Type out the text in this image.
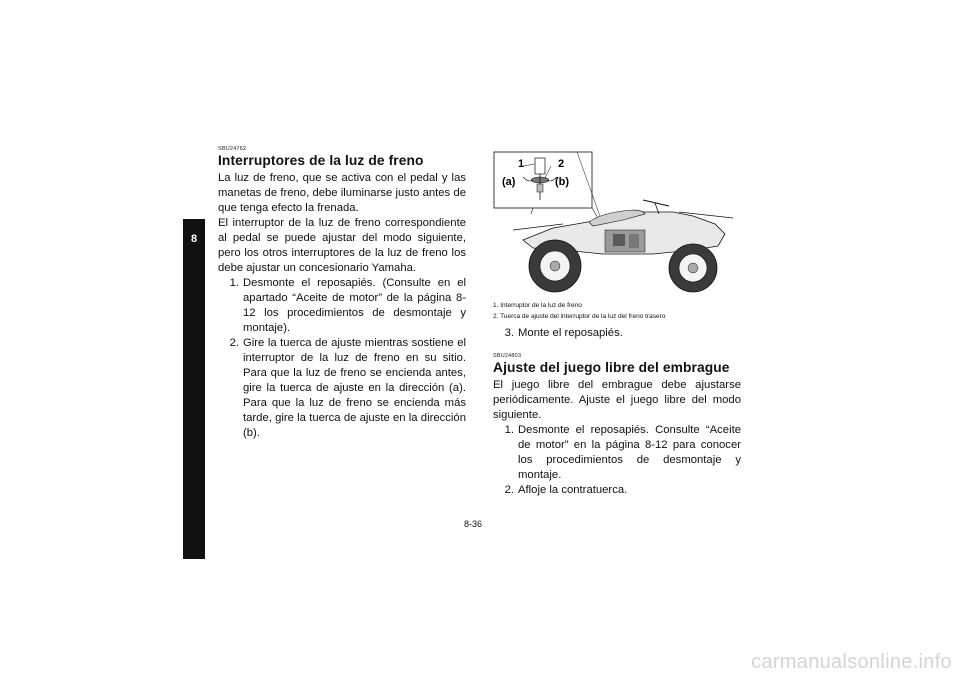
8
SBU24762
Interruptores de la luz de freno

La luz de freno, que se activa con el pedal y las manetas de freno, debe iluminarse justo antes de que tenga efecto la frenada.

El interruptor de la luz de freno correspondiente al pedal se puede ajustar del modo siguiente, pero los otros interruptores de la luz de freno los debe ajustar un concesionario Yamaha.

1. Desmonte el reposapiés. (Consulte en el apartado “Aceite de motor” de la página 8-12 los procedimientos de desmontaje y montaje).
2. Gire la tuerca de ajuste mientras sostiene el interruptor de la luz de freno en su sitio. Para que la luz de freno se encienda antes, gire la tuerca de ajuste en la dirección (a). Para que la luz de freno se encienda más tarde, gire la tuerca de ajuste en la dirección (b).
1	2
(a)	(b)
1. Interruptor de la luz de freno
2. Tuerca de ajuste del interruptor de la luz del freno trasero
3. Monte el reposapiés.
SBU24803
Ajuste del juego libre del embrague

El juego libre del embrague debe ajustarse periódicamente. Ajuste el juego libre del modo siguiente.

1. Desmonte el reposapiés. Consulte “Aceite de motor” en la página 8-12 para conocer los procedimientos de desmontaje y montaje.
2. Afloje la contratuerca.
8-36
carmanualsonline.info
